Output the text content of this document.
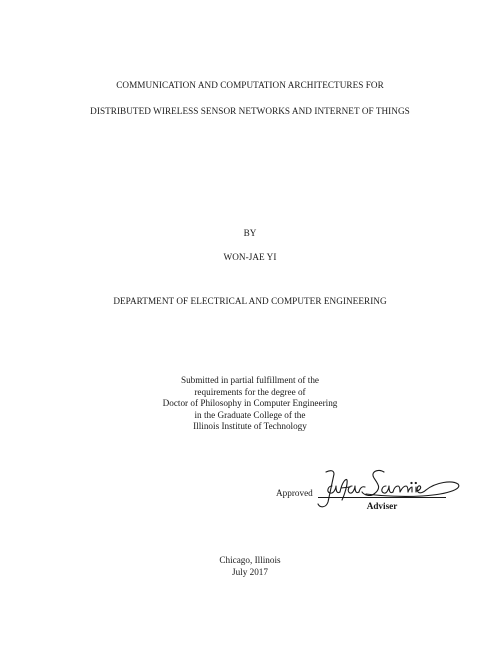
COMMUNICATION AND COMPUTATION ARCHITECTURES FOR
DISTRIBUTED WIRELESS SENSOR NETWORKS AND INTERNET OF THINGS
BY
WON-JAE YI
DEPARTMENT OF ELECTRICAL AND COMPUTER ENGINEERING
Submitted in partial fulfillment of the
requirements for the degree of
Doctor of Philosophy in Computer Engineering
in the Graduate College of the
Illinois Institute of Technology
Approved
Adviser
Chicago, Illinois
July 2017
